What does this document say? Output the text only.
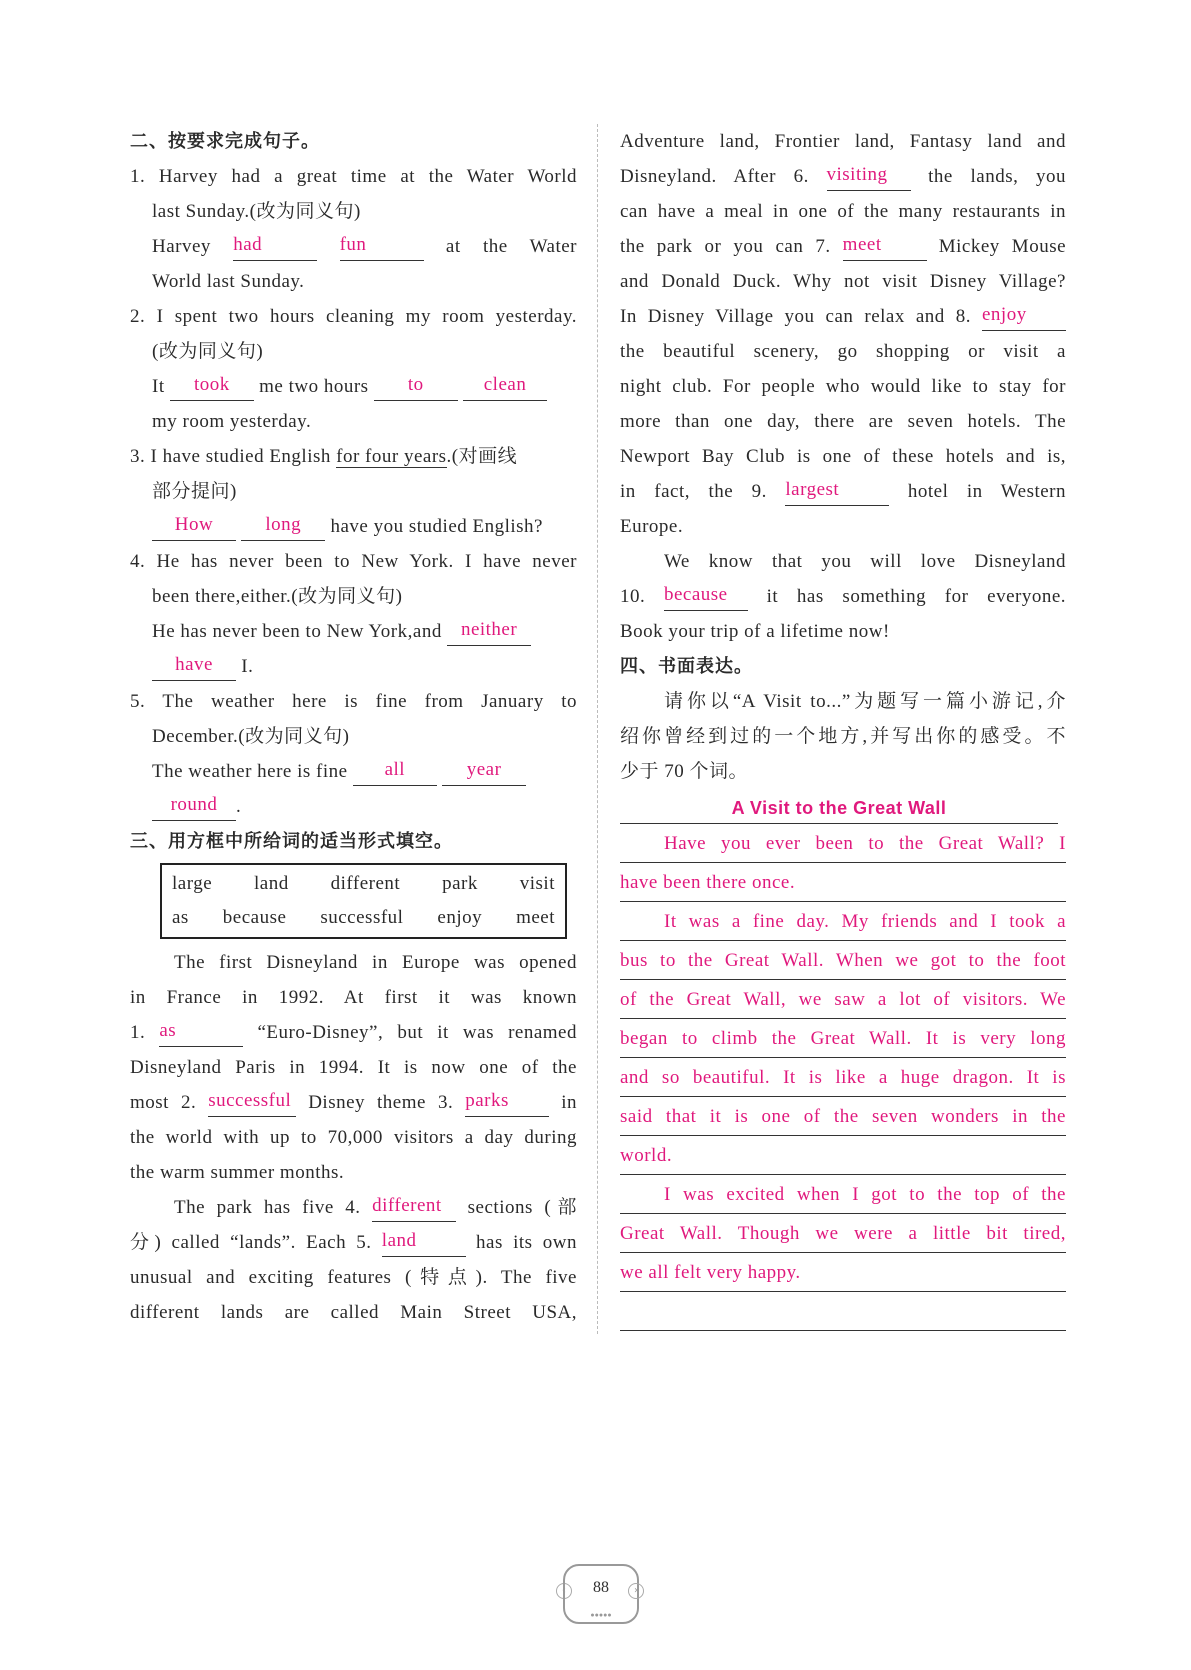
二、按要求完成句子。
1. Harvey had a great time at the Water World
last Sunday.(改为同义句)
Harvey had	fun	at the Water
World last Sunday.
2. I spent two hours cleaning my room yesterday.
(改为同义句)
It took me two hours to	clean
my room yesterday.
3. I have studied English for four years.(对画线
部分提问)
How	long have you studied English?
4. He has never been to New York. I have never
been there,either.(改为同义句)
He has never been to New York,and neither
have I.
5. The weather here is fine from January to
December.(改为同义句)
The weather here is fine all	year
round .
三、用方框中所给词的适当形式填空。
large land different park visit
as because successful enjoy meet
The first Disneyland in Europe was opened
in France in 1992. At first it was known
1. as	“Euro-Disney”, but it was renamed
Disneyland Paris in 1994. It is now one of the
most 2. successful Disney theme 3. parks	in
the world with up to 70,000 visitors a day during
the warm summer months.
The park has five 4. different sections (部
分) called “lands”. Each 5. land	has its own
unusual and exciting features (特点). The five
different lands are called Main Street USA,
Adventure land, Frontier land, Fantasy land and
Disneyland. After 6. visiting the lands, you
can have a meal in one of the many restaurants in
the park or you can 7. meet	Mickey Mouse
and Donald Duck. Why not visit Disney Village?
In Disney Village you can relax and 8. enjoy
the beautiful scenery, go shopping or visit a
night club. For people who would like to stay for
more than one day, there are seven hotels. The
Newport Bay Club is one of these hotels and is,
in fact, the 9. largest	hotel in Western
Europe.
We know that you will love Disneyland
10. because it has something for everyone.
Book your trip of a lifetime now!
四、书面表达。
请你以“A Visit to...”为题写一篇小游记,介
绍你曾经到过的一个地方,并写出你的感受。不
少于 70 个词。
A Visit to the Great Wall
Have you ever been to the Great Wall? I
have been there once.
It was a fine day. My friends and I took a
bus to the Great Wall. When we got to the foot
of the Great Wall, we saw a lot of visitors. We
began to climb the Great Wall. It is very long
and so beautiful. It is like a huge dragon. It is
said that it is one of the seven wonders in the
world.
I was excited when I got to the top of the
Great Wall. Though we were a little bit tired,
we all felt very happy.
‹	88
●●●●●
›
